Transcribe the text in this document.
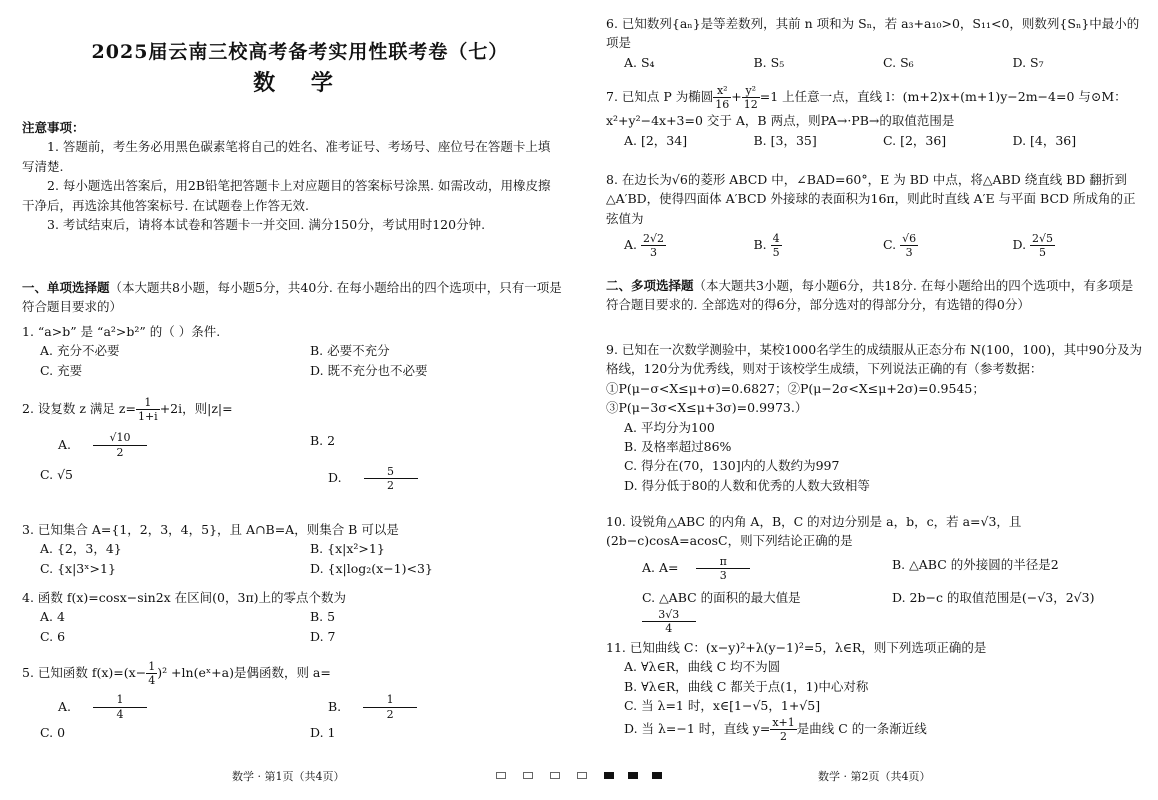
2025届云南三校高考备考实用性联考卷（七）
数 学
注意事项：
1. 答题前，考生务必用黑色碳素笔将自己的姓名、准考证号、考场号、座位号在答题卡上填写清楚.
2. 每小题选出答案后，用2B铅笔把答题卡上对应题目的答案标号涂黑. 如需改动，用橡皮擦干净后，再选涂其他答案标号. 在试题卷上作答无效.
3. 考试结束后，请将本试卷和答题卡一并交回. 满分150分，考试用时120分钟.
一、单项选择题（本大题共8小题，每小题5分，共40分. 在每小题给出的四个选项中，只有一项是符合题目要求的）
1. “a>b” 是 “a²>b²” 的（ ）条件.
A. 充分不必要	B. 必要不充分
C. 充要	D. 既不充分也不必要
2. 设复数 z 满足 $z= \frac{1}{1+i} +2i$，则|z|=
A. $\frac{√10}{2}$	B. 2
C. √5	D. $\frac{5}{2}$
3. 已知集合 A={1，2，3，4，5}，且 A∩B=A，则集合 B 可以是
A. {2，3，4}	B. {x|x²>1}
C. {x|3ˣ>1}	D. {x|log₂(x−1)<3}
4. 函数 f(x)=cosx−sin2x 在区间(0，3π)上的零点个数为
A. 4	B. 5
C. 6	D. 7
5. 已知函数 $f(x)=(x- \frac{1}{4} )^2$ +ln(eˣ+a)是偶函数，则 a=
A. $\frac{1}{4}$	B. $\frac{1}{2}$
C. 0	D. 1
6. 已知数列{aₙ}是等差数列，其前 n 项和为 Sₙ，若 a₃+a₁₀>0，S₁₁<0，则数列{Sₙ}中最小的项是
A. S₄	B. S₅	C. S₆	D. S₇
7. 已知点 P 为椭圆 $\frac{\text{x²}}{16} + \frac{\text{y²}}{12} =1$ 上任意一点，直线 l：(m+2)x+(m+1)y−2m−4=0 与⊙M：
x²+y²−4x+3=0 交于 A，B 两点，则PA→·PB→的取值范围是
A. [2，34]	B. [3，35]	C. [2，36]	D. [4，36]
8. 在边长为√6的菱形 ABCD 中，∠BAD=60°，E 为 BD 中点，将△ABD 绕直线 BD 翻折到△A′BD，使得四面体 A′BCD 外接球的表面积为16π，则此时直线 A′E 与平面 BCD 所成角的正弦值为
A. $\frac{2√2}{3}$	B. $\frac{4}{5}$	C. $\frac{√6}{3}$	D. $\frac{2√5}{5}$
二、多项选择题（本大题共3小题，每小题6分，共18分. 在每小题给出的四个选项中，有多项是符合题目要求的. 全部选对的得6分，部分选对的得部分分，有选错的得0分）
9. 已知在一次数学测验中，某校1000名学生的成绩服从正态分布 N(100，100)，其中90分及为格线，120分为优秀线，则对于该校学生成绩，下列说法正确的有（参考数据：①P(μ−σ<X≤μ+σ)=0.6827；②P(μ−2σ<X≤μ+2σ)=0.9545；③P(μ−3σ<X≤μ+3σ)=0.9973.）
A. 平均分为100
B. 及格率超过86%
C. 得分在(70，130]内的人数约为997
D. 得分低于80的人数和优秀的人数大致相等
10. 设锐角△ABC 的内角 A，B，C 的对边分别是 a，b，c，若 a=√3，且(2b−c)cosA=acosC，则下列结论正确的是
A. $A= \frac{\pi}{3}$	B. △ABC 的外接圆的半径是2
C. △ABC 的面积的最大值是
$\frac{3√3}{4}$
D. 2b−c 的取值范围是(−√3，2√3)
11. 已知曲线 C：(x−y)²+λ(y−1)²=5，λ∈R，则下列选项正确的是
A. ∀λ∈R，曲线 C 均不为圆
B. ∀λ∈R，曲线 C 都关于点(1，1)中心对称
C. 当 λ=1 时，x∈[1−√5，1+√5]
D. 当 λ=−1 时，直线 $y= \frac{x+1}{2}$ 是曲线 C 的一条渐近线
数学 · 第1页（共4页）	数学 · 第2页（共4页）
